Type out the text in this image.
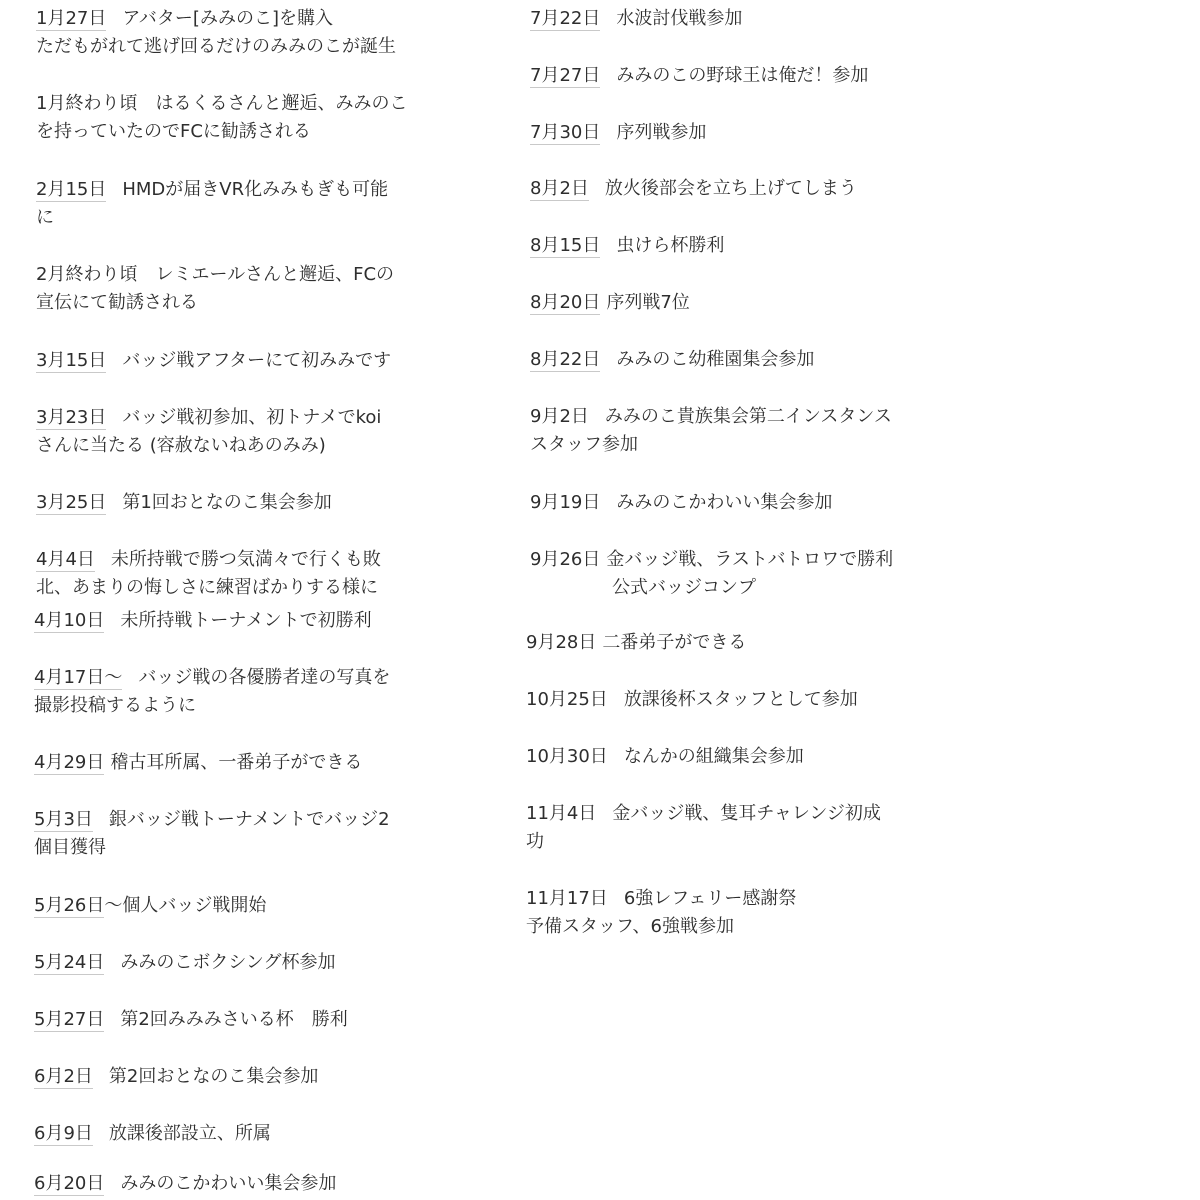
1月27日 アバター[みみのこ]を購入
ただもがれて逃げ回るだけのみみのこが誕生
1月終わり頃　はるくるさんと邂逅、みみのこ
を持っていたのでFCに勧誘される
2月15日 HMDが届きVR化みみもぎも可能
に
2月終わり頃　レミエールさんと邂逅、FCの
宣伝にて勧誘される
3月15日 バッジ戦アフターにて初みみです
3月23日 バッジ戦初参加、初トナメでkoi
さんに当たる (容赦ないねあのみみ)
3月25日 第1回おとなのこ集会参加
4月4日 未所持戦で勝つ気満々で行くも敗
北、あまりの悔しさに練習ばかりする様に
4月10日 未所持戦トーナメントで初勝利
4月17日〜 バッジ戦の各優勝者達の写真を
撮影投稿するように
4月29日 稽古耳所属、一番弟子ができる
5月3日 銀バッジ戦トーナメントでバッジ2
個目獲得
5月26日〜個人バッジ戦開始
5月24日 みみのこボクシング杯参加
5月27日 第2回みみみさいる杯　勝利
6月2日 第2回おとなのこ集会参加
6月9日 放課後部設立、所属
6月20日 みみのこかわいい集会参加
7月22日 水波討伐戦参加
7月27日 みみのこの野球王は俺だ！参加
7月30日 序列戦参加
8月2日 放火後部会を立ち上げてしまう
8月15日 虫けら杯勝利
8月20日 序列戦7位
8月22日 みみのこ幼稚園集会参加
9月2日 みみのこ貴族集会第二インスタンス
スタッフ参加
9月19日 みみのこかわいい集会参加
9月26日 金バッジ戦、ラストバトロワで勝利
公式バッジコンプ
9月28日 二番弟子ができる
10月25日 放課後杯スタッフとして参加
10月30日 なんかの組織集会参加
11月4日 金バッジ戦、隻耳チャレンジ初成
功
11月17日 6強レフェリー感謝祭
予備スタッフ、6強戦参加
